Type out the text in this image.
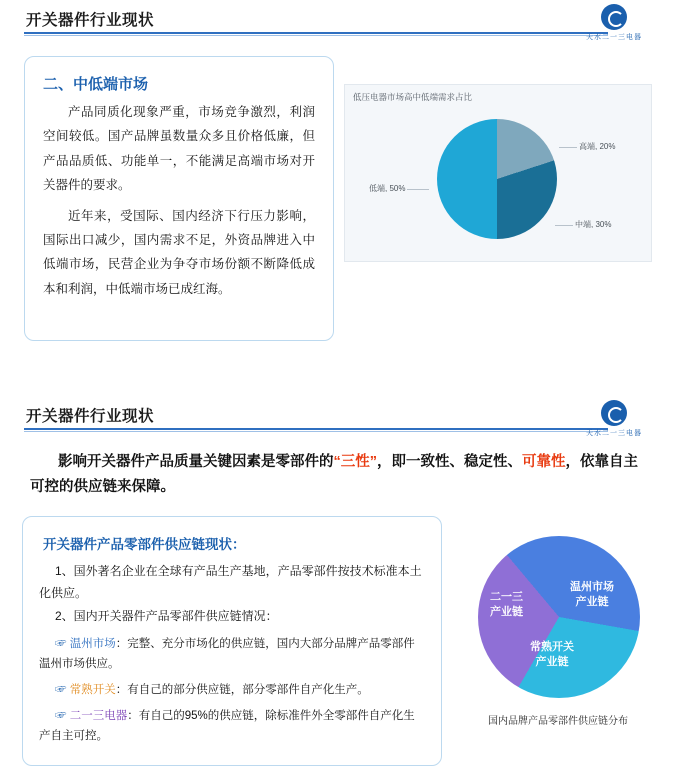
开关器件行业现状
天水二一三电器
二、中低端市场

产品同质化现象严重，市场竞争激烈，利润空间较低。国产品牌虽数量众多且价格低廉，但产品品质低、功能单一，不能满足高端市场对开关器件的要求。

近年来，受国际、国内经济下行压力影响，国际出口减少，国内需求不足，外资品牌进入中低端市场，民营企业为争夺市场份额不断降低成本和利润，中低端市场已成红海。

低压电器市场高中低端需求占比
高端, 20%
中端, 30%
低端, 50%
开关器件行业现状
天水二一三电器
影响开关器件产品质量关键因素是零部件的“三性”，即一致性、稳定性、可靠性，依靠自主可控的供应链来保障。
开关器件产品零部件供应链现状：

1、国外著名企业在全球有产品生产基地，产品零部件按技术标准本土化供应。

2、国内开关器件产品零部件供应链情况：

☞ 温州市场：完整、充分市场化的供应链，国内大部分品牌产品零部件温州市场供应。

☞ 常熟开关：有自己的部分供应链，部分零部件自产化生产。

☞ 二一三电器：有自己的95%的供应链，除标准件外全零部件自产化生产自主可控。

温州市场
产业链
常熟开关
产业链
二一三
产业链
国内品牌产品零部件供应链分布
